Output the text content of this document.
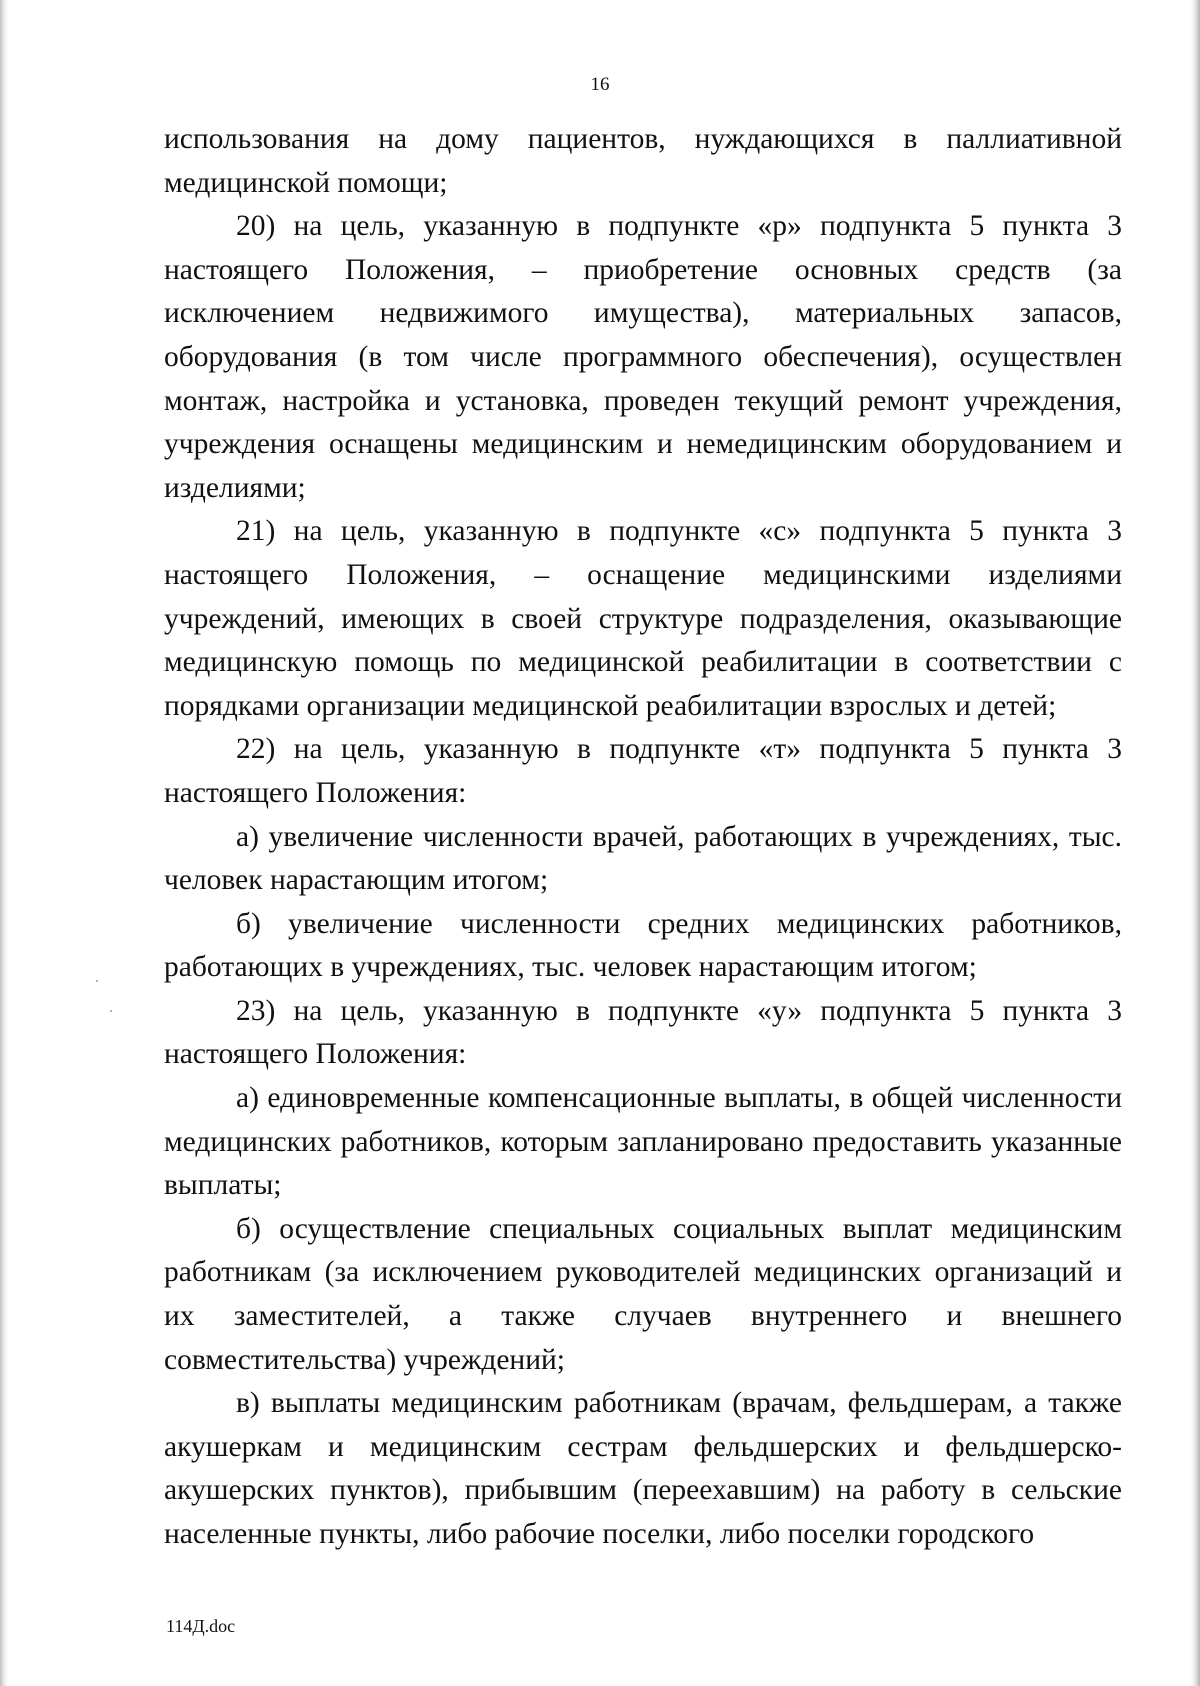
16

использования на дому пациентов, нуждающихся в паллиативной медицинской помощи;

20) на цель, указанную в подпункте «р» подпункта 5 пункта 3 настоящего Положения, – приобретение основных средств (за исключением недвижимого имущества), материальных запасов, оборудования (в том числе программного обеспечения), осуществлен монтаж, настройка и установка, проведен текущий ремонт учреждения, учреждения оснащены медицинским и немедицинским оборудованием и изделиями;

21) на цель, указанную в подпункте «с» подпункта 5 пункта 3 настоящего Положения, – оснащение медицинскими изделиями учреждений, имеющих в своей структуре подразделения, оказывающие медицинскую помощь по медицинской реабилитации в соответствии с порядками организации медицинской реабилитации взрослых и детей;

22) на цель, указанную в подпункте «т» подпункта 5 пункта 3 настоящего Положения:

а) увеличение численности врачей, работающих в учреждениях, тыс. человек нарастающим итогом;

б) увеличение численности средних медицинских работников, работающих в учреждениях, тыс. человек нарастающим итогом;

23) на цель, указанную в подпункте «у» подпункта 5 пункта 3 настоящего Положения:

а) единовременные компенсационные выплаты, в общей численности медицинских работников, которым запланировано предоставить указанные выплаты;

б) осуществление специальных социальных выплат медицинским работникам (за исключением руководителей медицинских организаций и их заместителей, а также случаев внутреннего и внешнего совместительства) учреждений;

в) выплаты медицинским работникам (врачам, фельдшерам, а также акушеркам и медицинским сестрам фельдшерских и фельдшерско-акушерских пунктов), прибывшим (переехавшим) на работу в сельские населенные пункты, либо рабочие поселки, либо поселки городского

114Д.doc
